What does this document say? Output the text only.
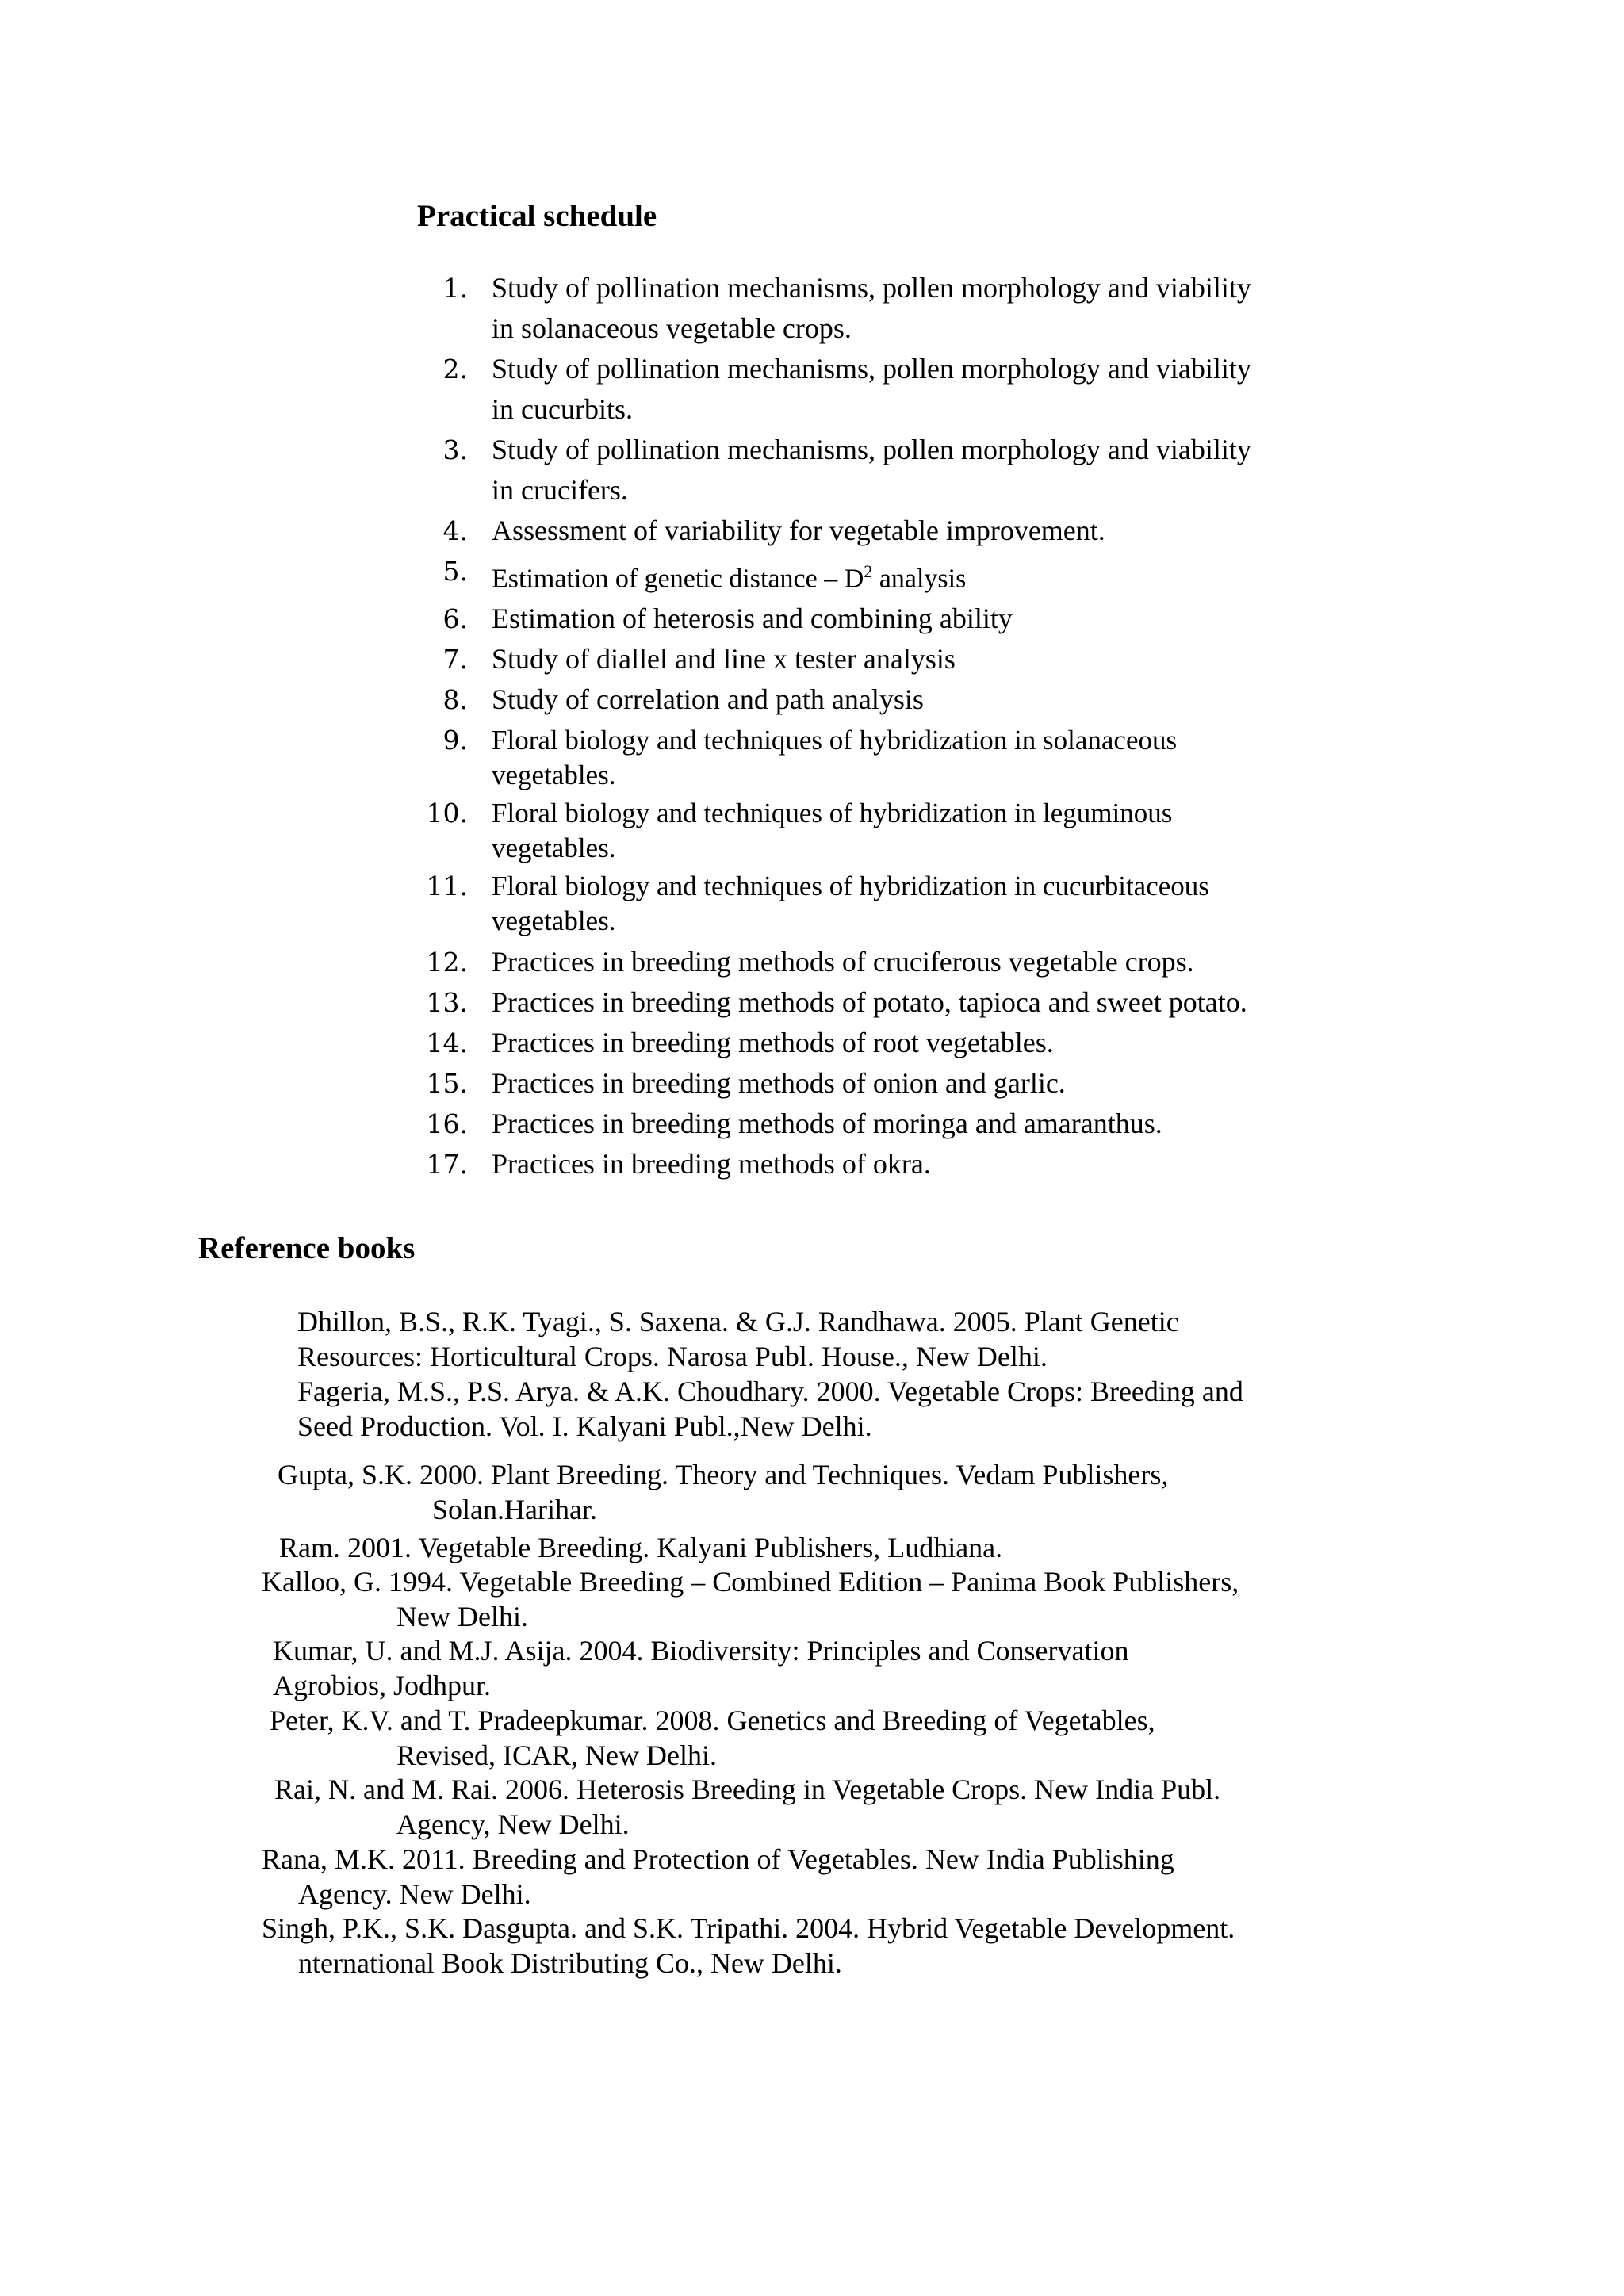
Practical schedule
1. Study of pollination mechanisms, pollen morphology and viability
in solanaceous vegetable crops.
2. Study of pollination mechanisms, pollen morphology and viability
in cucurbits.
3. Study of pollination mechanisms, pollen morphology and viability
in crucifers.
4. Assessment of variability for vegetable improvement.
5. Estimation of genetic distance – $D^2$ analysis
6. Estimation of heterosis and combining ability
7. Study of diallel and line x tester analysis
8. Study of correlation and path analysis
9. Floral biology and techniques of hybridization in solanaceous
vegetables.
10. Floral biology and techniques of hybridization in leguminous
vegetables.
11. Floral biology and techniques of hybridization in cucurbitaceous
vegetables.
12. Practices in breeding methods of cruciferous vegetable crops.
13. Practices in breeding methods of potato, tapioca and sweet potato.
14. Practices in breeding methods of root vegetables.
15. Practices in breeding methods of onion and garlic.
16. Practices in breeding methods of moringa and amaranthus.
17. Practices in breeding methods of okra.
Reference books

Dhillon, B.S., R.K. Tyagi., S. Saxena. & G.J. Randhawa. 2005. Plant Genetic
Resources: Horticultural Crops. Narosa Publ. House., New Delhi.

Fageria, M.S., P.S. Arya. & A.K. Choudhary. 2000. Vegetable Crops: Breeding and
Seed Production. Vol. I. Kalyani Publ.,New Delhi.

Gupta, S.K. 2000. Plant Breeding. Theory and Techniques. Vedam Publishers,
Solan.Harihar.

Ram. 2001. Vegetable Breeding. Kalyani Publishers, Ludhiana.

Kalloo, G. 1994. Vegetable Breeding – Combined Edition – Panima Book Publishers,
New Delhi.

Kumar, U. and M.J. Asija. 2004. Biodiversity: Principles and Conservation
Agrobios, Jodhpur.

Peter, K.V. and T. Pradeepkumar. 2008. Genetics and Breeding of Vegetables,
Revised, ICAR, New Delhi.

Rai, N. and M. Rai. 2006. Heterosis Breeding in Vegetable Crops. New India Publ.
Agency, New Delhi.

Rana, M.K. 2011. Breeding and Protection of Vegetables. New India Publishing
Agency. New Delhi.

Singh, P.K., S.K. Dasgupta. and S.K. Tripathi. 2004. Hybrid Vegetable Development.
nternational Book Distributing Co., New Delhi.
